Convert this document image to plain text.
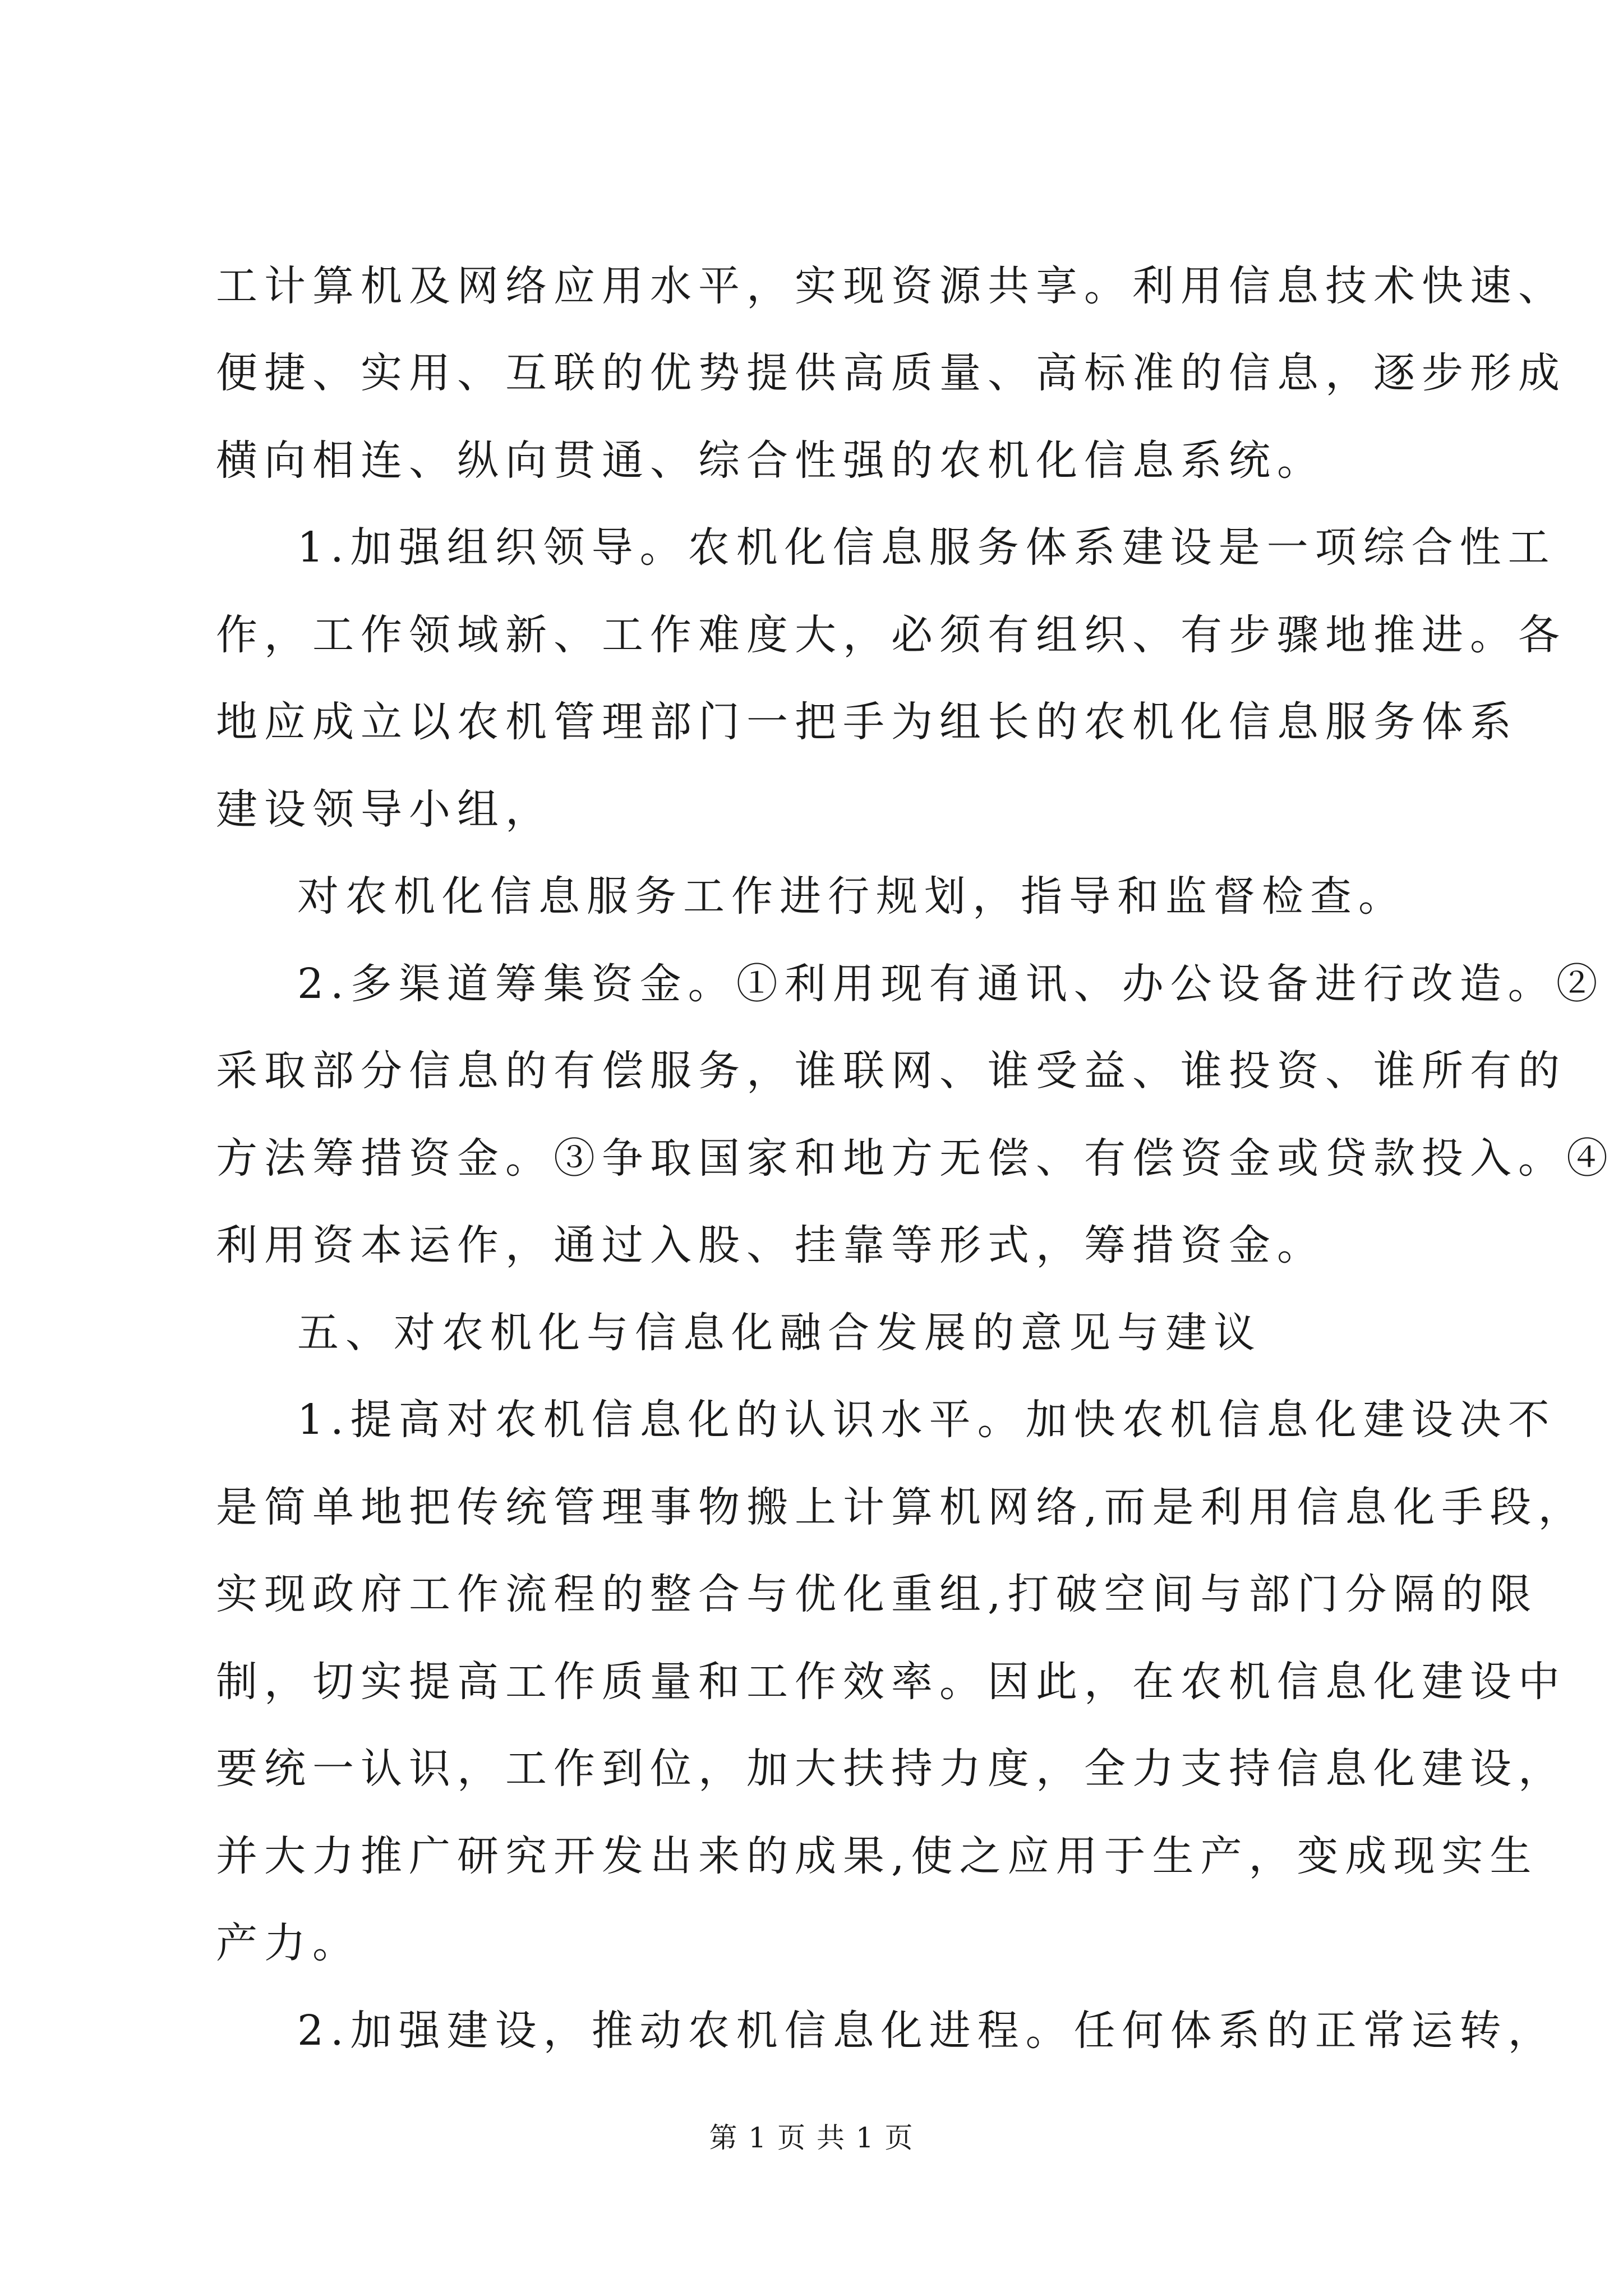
工计算机及网络应用水平，实现资源共享。利用信息技术快速、
便捷、实用、互联的优势提供高质量、高标准的信息，逐步形成
横向相连、纵向贯通、综合性强的农机化信息系统。
1.加强组织领导。农机化信息服务体系建设是一项综合性工
作，工作领域新、工作难度大，必须有组织、有步骤地推进。各
地应成立以农机管理部门一把手为组长的农机化信息服务体系
建设领导小组，
对农机化信息服务工作进行规划，指导和监督检查。
2.多渠道筹集资金。①利用现有通讯、办公设备进行改造。②
采取部分信息的有偿服务，谁联网、谁受益、谁投资、谁所有的
方法筹措资金。③争取国家和地方无偿、有偿资金或贷款投入。④
利用资本运作，通过入股、挂靠等形式，筹措资金。
五、对农机化与信息化融合发展的意见与建议
1.提高对农机信息化的认识水平。加快农机信息化建设决不
是简单地把传统管理事物搬上计算机网络,而是利用信息化手段，
实现政府工作流程的整合与优化重组,打破空间与部门分隔的限
制，切实提高工作质量和工作效率。因此，在农机信息化建设中
要统一认识，工作到位，加大扶持力度，全力支持信息化建设，
并大力推广研究开发出来的成果,使之应用于生产，变成现实生
产力。
2.加强建设，推动农机信息化进程。任何体系的正常运转，
第 1 页 共 1 页
